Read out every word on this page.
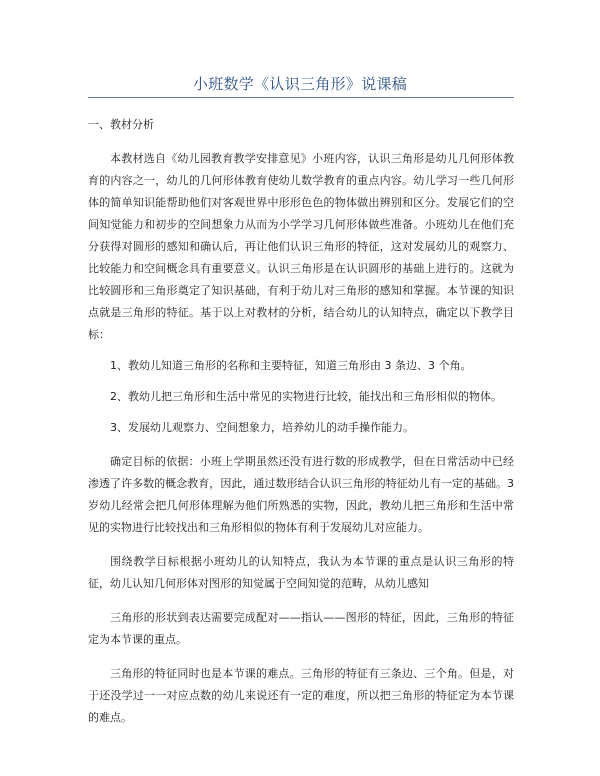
小班数学《认识三角形》说课稿

一、教材分析

本教材选自《幼儿园教育教学安排意见》小班内容，认识三角形是幼儿几何形体教育的内容之一，幼儿的几何形体教育使幼儿数学教育的重点内容。幼儿学习一些几何形体的简单知识能帮助他们对客观世界中形形色色的物体做出辨别和区分。发展它们的空间知觉能力和初步的空间想象力从而为小学学习几何形体做些准备。小班幼儿在他们充分获得对圆形的感知和确认后，再让他们认识三角形的特征，这对发展幼儿的观察力、比较能力和空间概念具有重要意义。认识三角形是在认识圆形的基础上进行的。这就为比较圆形和三角形奠定了知识基础，有利于幼儿对三角形的感知和掌握。本节课的知识点就是三角形的特征。基于以上对教材的分析，结合幼儿的认知特点，确定以下教学目标：

1、教幼儿知道三角形的名称和主要特征，知道三角形由 3 条边、3 个角。

2、教幼儿把三角形和生活中常见的实物进行比较，能找出和三角形相似的物体。

3、发展幼儿观察力、空间想象力，培养幼儿的动手操作能力。

确定目标的依据：小班上学期虽然还没有进行数的形成教学，但在日常活动中已经渗透了许多数的概念教育，因此，通过数形结合认识三角形的特征幼儿有一定的基础。3 岁幼儿经常会把几何形体理解为他们所熟悉的实物，因此，教幼儿把三角形和生活中常见的实物进行比较找出和三角形相似的物体有利于发展幼儿对应能力。

围绕教学目标根据小班幼儿的认知特点，我认为本节课的重点是认识三角形的特征，幼儿认知几何形体对图形的知觉属于空间知觉的范畴，从幼儿感知

三角形的形状到表达需要完成配对——指认——图形的特征，因此，三角形的特征定为本节课的重点。

三角形的特征同时也是本节课的难点。三角形的特征有三条边、三个角。但是，对于还没学过一一对应点数的幼儿来说还有一定的难度，所以把三角形的特征定为本节课的难点。
